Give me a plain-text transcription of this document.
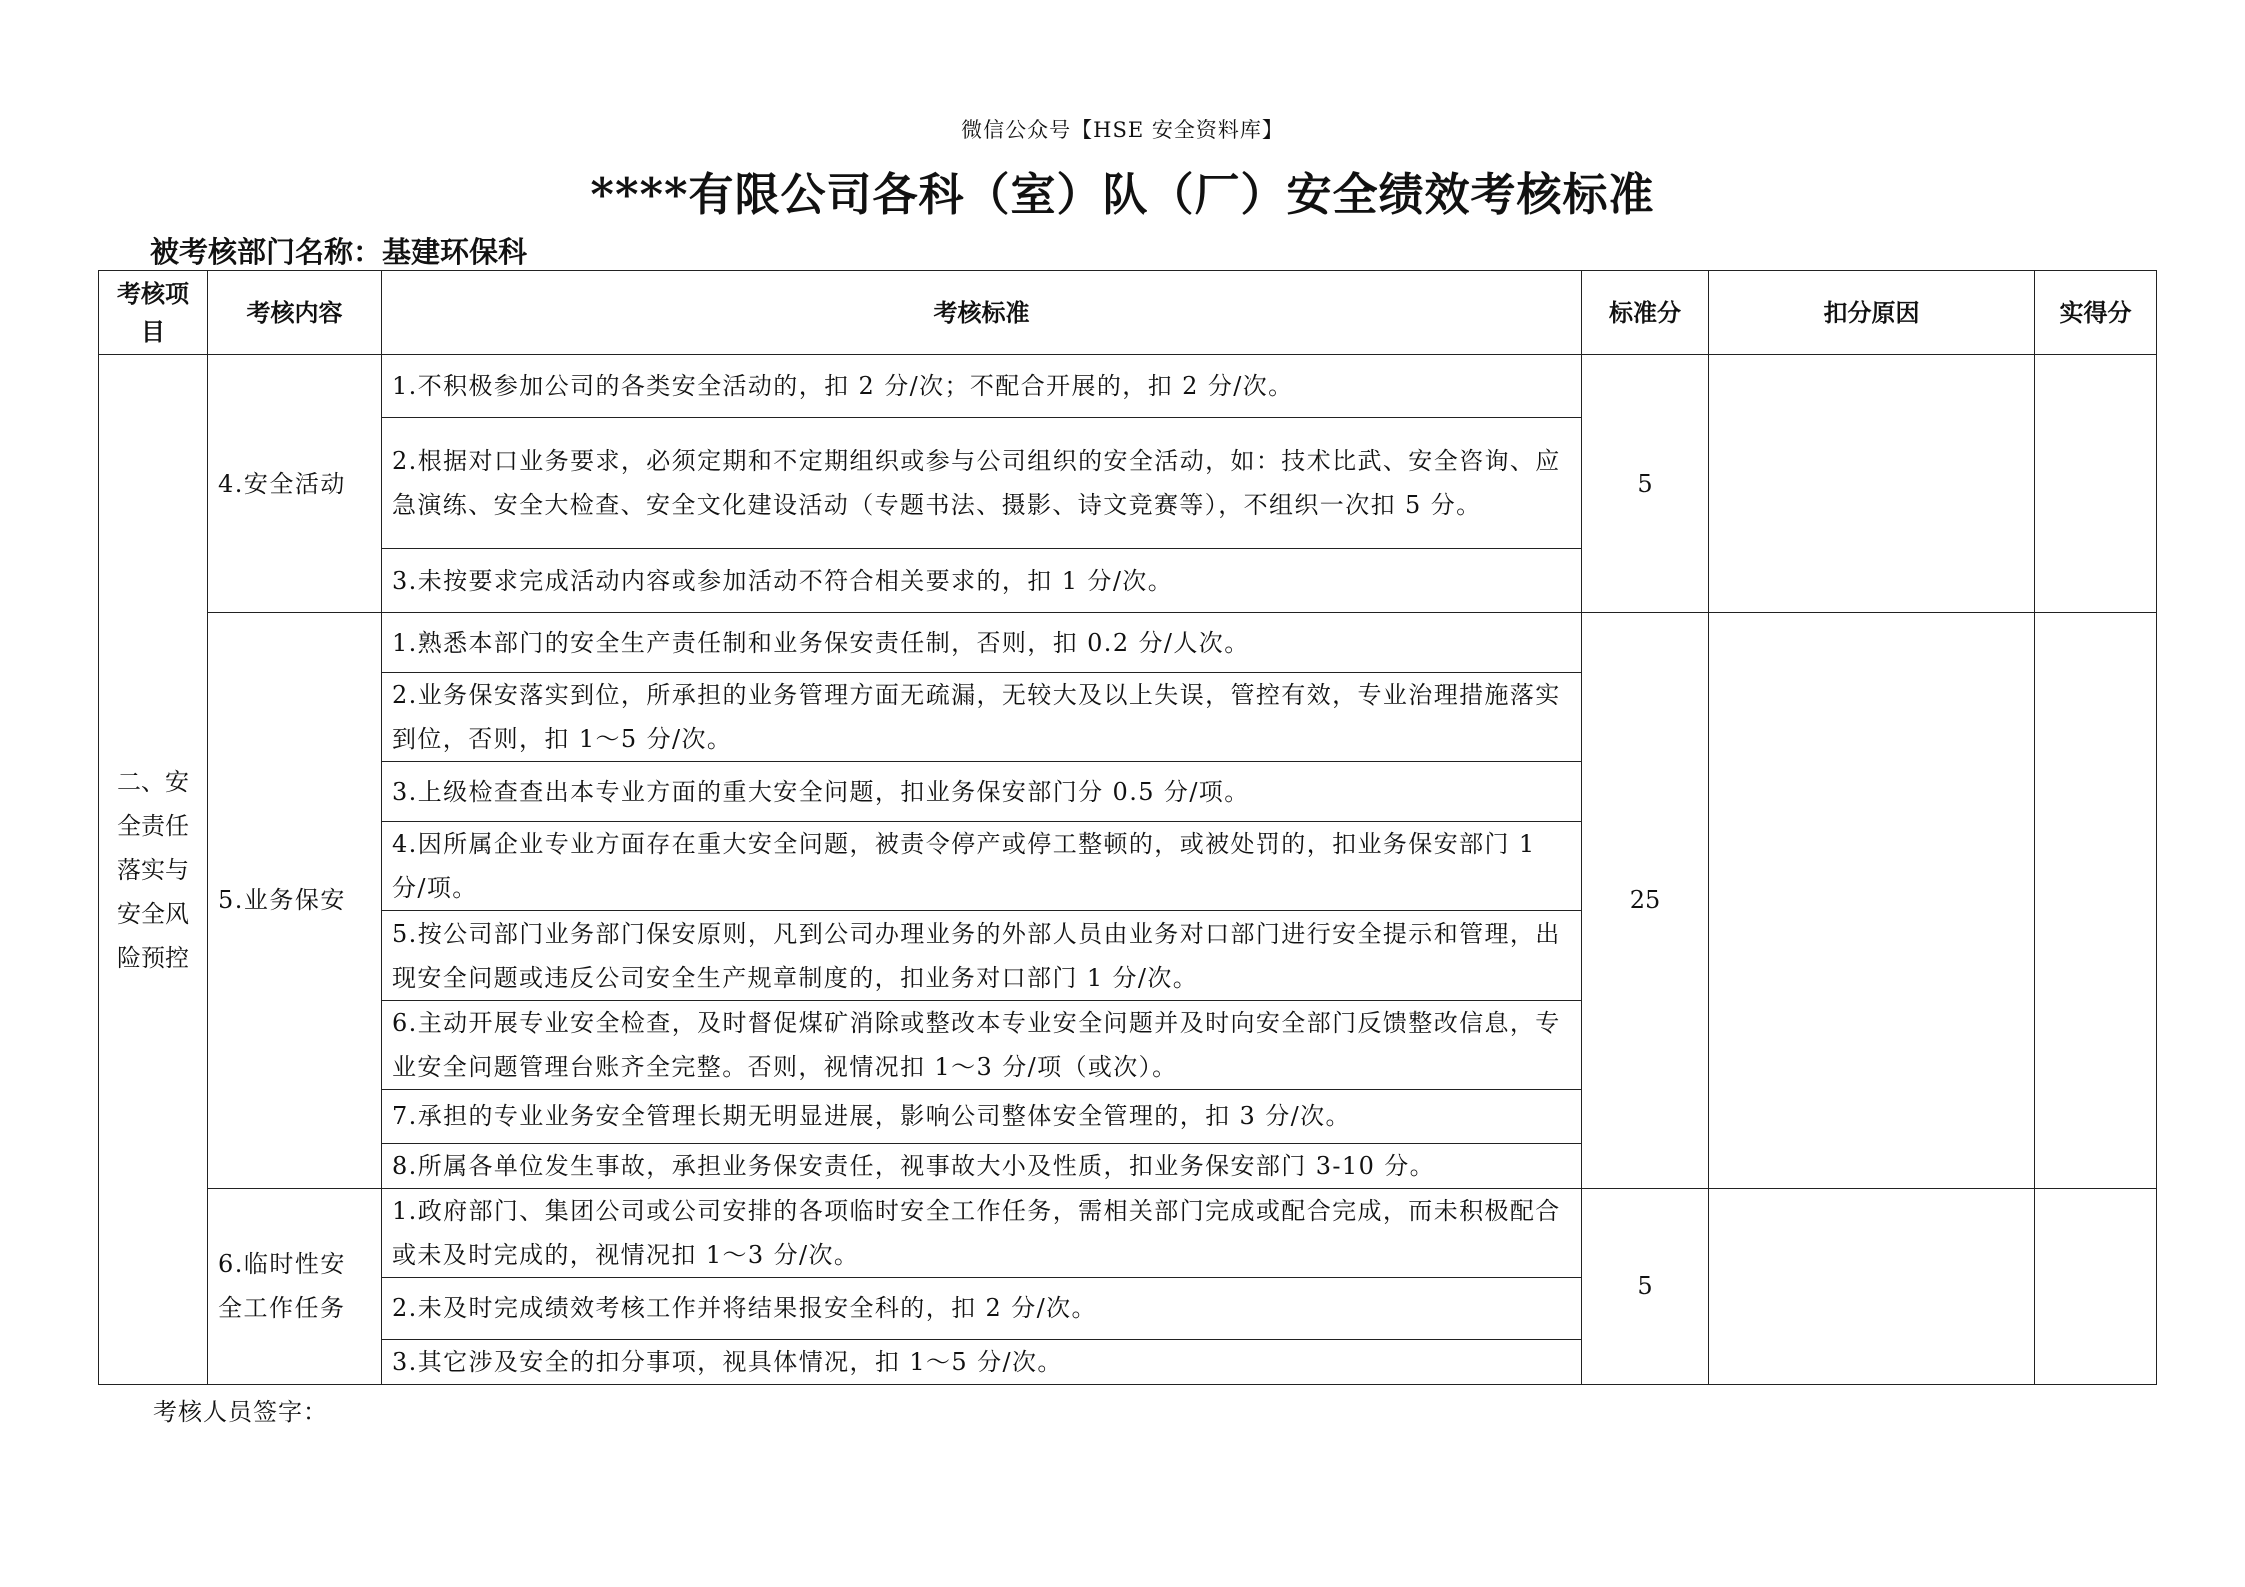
微信公众号【HSE 安全资料库】
****有限公司各科（室）队（厂）安全绩效考核标准
被考核部门名称：基建环保科
考核项目	考核内容	考核标准	标准分	扣分原因	实得分
二、安全责任落实与安全风险预控	4.安全活动	1.不积极参加公司的各类安全活动的，扣 2 分/次；不配合开展的，扣 2 分/次。	5		
		2.根据对口业务要求，必须定期和不定期组织或参与公司组织的安全活动，如：技术比武、安全咨询、应急演练、安全大检查、安全文化建设活动（专题书法、摄影、诗文竞赛等），不组织一次扣 5 分。			
		3.未按要求完成活动内容或参加活动不符合相关要求的，扣 1 分/次。			
	5.业务保安	1.熟悉本部门的安全生产责任制和业务保安责任制，否则，扣 0.2 分/人次。	25		
		2.业务保安落实到位，所承担的业务管理方面无疏漏，无较大及以上失误，管控有效，专业治理措施落实到位，否则，扣 1～5 分/次。			
		3.上级检查查出本专业方面的重大安全问题，扣业务保安部门分 0.5 分/项。			
		4.因所属企业专业方面存在重大安全问题，被责令停产或停工整顿的，或被处罚的，扣业务保安部门 1 分/项。			
		5.按公司部门业务部门保安原则，凡到公司办理业务的外部人员由业务对口部门进行安全提示和管理，出现安全问题或违反公司安全生产规章制度的，扣业务对口部门 1 分/次。			
		6.主动开展专业安全检查，及时督促煤矿消除或整改本专业安全问题并及时向安全部门反馈整改信息，专业安全问题管理台账齐全完整。否则，视情况扣 1～3 分/项（或次）。			
		7.承担的专业业务安全管理长期无明显进展，影响公司整体安全管理的，扣 3 分/次。			
		8.所属各单位发生事故，承担业务保安责任，视事故大小及性质，扣业务保安部门 3-10 分。			
	6.临时性安全工作任务	1.政府部门、集团公司或公司安排的各项临时安全工作任务，需相关部门完成或配合完成，而未积极配合或未及时完成的，视情况扣 1～3 分/次。	5		
		2.未及时完成绩效考核工作并将结果报安全科的，扣 2 分/次。			
		3.其它涉及安全的扣分事项，视具体情况，扣 1～5 分/次。			
考核人员签字：
